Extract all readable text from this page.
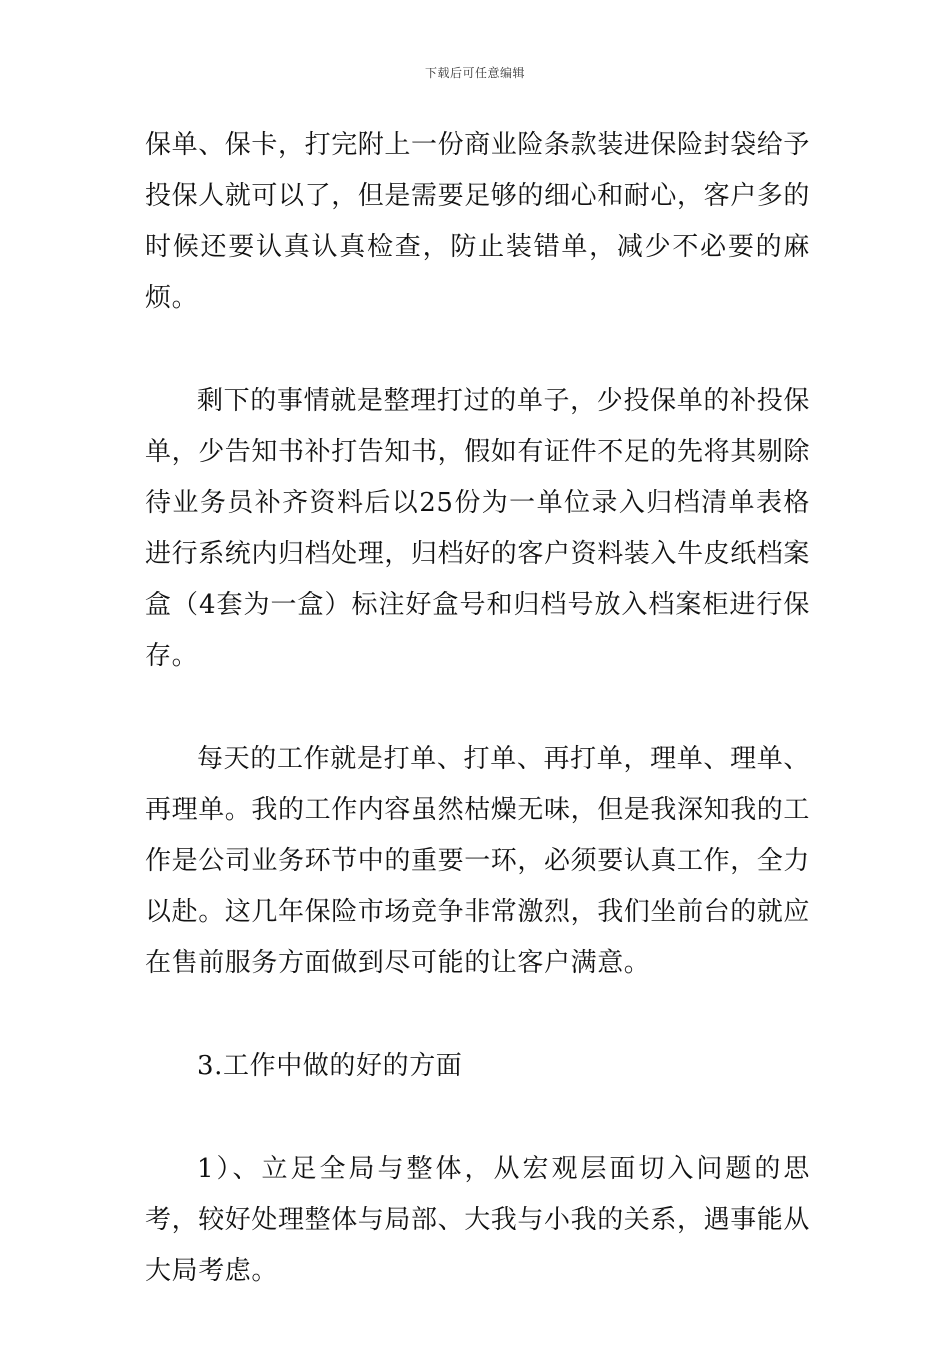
下载后可任意编辑

保单、保卡，打完附上一份商业险条款装进保险封袋给予投保人就可以了，但是需要足够的细心和耐心，客户多的时候还要认真认真检查，防止装错单，减少不必要的麻烦。

剩下的事情就是整理打过的单子，少投保单的补投保单，少告知书补打告知书，假如有证件不足的先将其剔除待业务员补齐资料后以25份为一单位录入归档清单表格进行系统内归档处理，归档好的客户资料装入牛皮纸档案盒（4套为一盒）标注好盒号和归档号放入档案柜进行保存。

每天的工作就是打单、打单、再打单，理单、理单、再理单。我的工作内容虽然枯燥无味，但是我深知我的工作是公司业务环节中的重要一环，必须要认真工作，全力以赴。这几年保险市场竞争非常激烈，我们坐前台的就应在售前服务方面做到尽可能的让客户满意。

3.工作中做的好的方面

1）、立足全局与整体，从宏观层面切入问题的思考，较好处理整体与局部、大我与小我的关系，遇事能从大局考虑。
